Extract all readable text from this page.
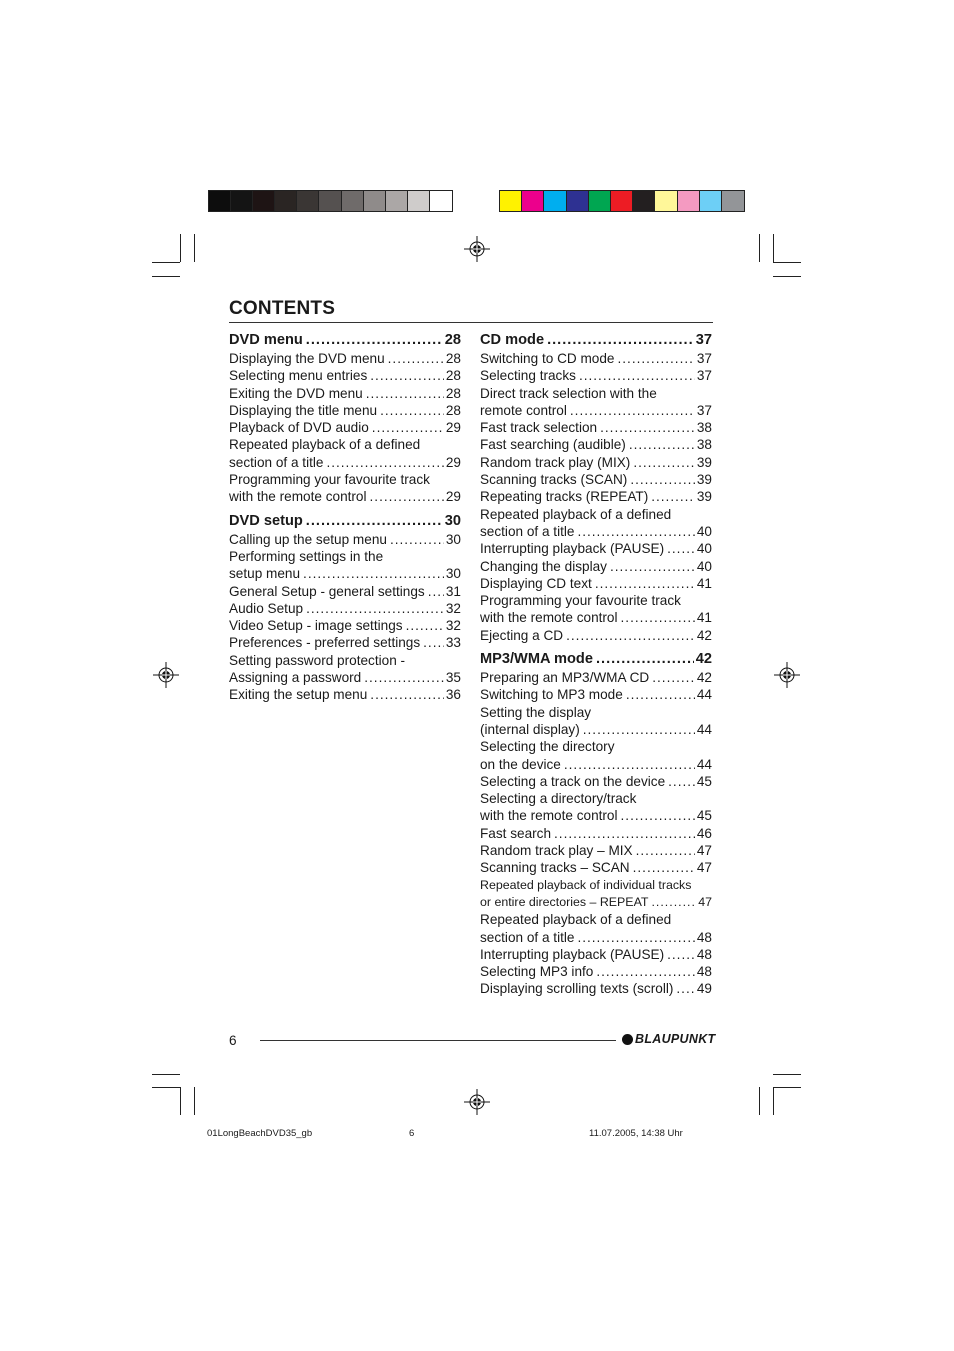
CONTENTS
DVD menu .....	28
Displaying the DVD menu .....	28
Selecting menu entries .....	28
Exiting the DVD menu .....	28
Displaying the title menu .....	28
Playback of DVD audio .....	29
Repeated playback of a defined
section of a title .....	29
Programming your favourite track
with the remote control .....	29
DVD setup .....	30
Calling up the setup menu .....	30
Performing settings in the
setup menu .....	30
General Setup - general settings ..... 31
Audio Setup .....	32
Video Setup - image settings .....	32
Preferences - preferred settings ..... 33
Setting password protection -
Assigning a password .....	35
Exiting the setup menu .....	36
CD mode .....	37
Switching to CD mode .....	37
Selecting tracks .....	37
Direct track selection with the
remote control .....	37
Fast track selection .....	38
Fast searching (audible) .....	38
Random track play (MIX) .....	39
Scanning tracks (SCAN) .....	39
Repeating tracks (REPEAT) .....	39
Repeated playback of a defined
section of a title .....	40
Interrupting playback (PAUSE) ..... 40
Changing the display .....	40
Displaying CD text .....	41
Programming your favourite track
with the remote control .....	41
Ejecting a CD .....	42
MP3/WMA mode .....	42
Preparing an MP3/WMA CD .....	42
Switching to MP3 mode .....	44
Setting the display
(internal display) .....	44
Selecting the directory
on the device .....	44
Selecting a track on the device ..... 45
Selecting a directory/track
with the remote control .....	45
Fast search .....	46
Random track play – MIX .....	47
Scanning tracks – SCAN .....	47
Repeated playback of individual tracks
or entire directories – REPEAT .....	47
Repeated playback of a defined
section of a title .....	48
Interrupting playback (PAUSE) ..... 48
Selecting MP3 info .....	48
Displaying scrolling texts (scroll) ..... 49
6	BLAUPUNKT
01LongBeachDVD35_gb	6	11.07.2005, 14:38 Uhr
